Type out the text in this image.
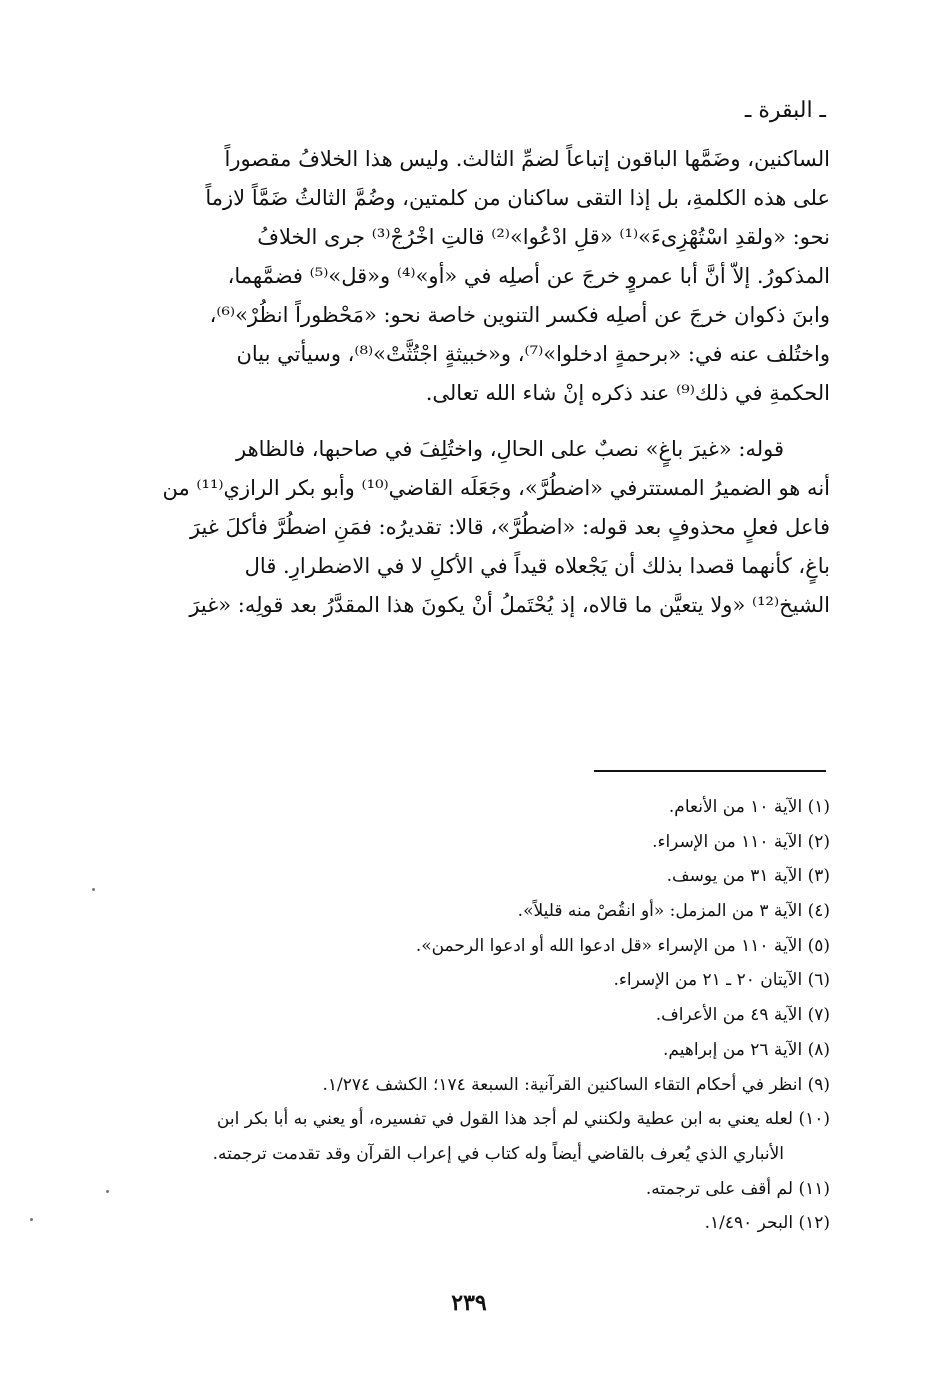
ـ البقرة ـ
الساكنين، وضَمَّها الباقون إتباعاً لضمِّ الثالث. وليس هذا الخلافُ مقصوراً
على هذه الكلمةِ، بل إذا التقى ساكنان من كلمتين، وضُمَّ الثالثُ ضَمَّاً لازماً
نحو: «ولقدِ اسْتُهْزِىءَ»⁽¹⁾ «قلِ ادْعُوا»⁽²⁾ قالتِ اخْرُجْ⁽³⁾ جرى الخلافُ
المذكورُ. إلاّ أنَّ أبا عمروٍ خرجَ عن أصلِه في «أو»⁽⁴⁾ و«قل»⁽⁵⁾ فضمَّهما،
وابنَ ذكوان خرجَ عن أصلِه فكسر التنوين خاصة نحو: «مَحْظوراً انظُرْ»⁽⁶⁾،
واختُلف عنه في: «برحمةٍ ادخلوا»⁽⁷⁾، و«خبيثةٍ اجْتُثَّتْ»⁽⁸⁾، وسيأتي بيان
الحكمةِ في ذلك⁽⁹⁾ عند ذكره إنْ شاء الله تعالى.
قوله: «غيرَ باغٍ» نصبٌ على الحالِ، واختُلِفَ في صاحبها، فالظاهر
أنه هو الضميرُ المستترفي «اضطُرَّ»، وجَعَلَه القاضي⁽¹⁰⁾ وأبو بكر الرازي⁽¹¹⁾ من
فاعل فعلٍ محذوفٍ بعد قوله: «اضطُرَّ»، قالا: تقديرُه: فمَنِ اضطُرَّ فأكلَ غيرَ
باغٍ، كأنهما قصدا بذلك أن يَجْعلاه قيداً في الأكلِ لا في الاضطرارِ. قال
الشيخ⁽¹²⁾ «ولا يتعيَّن ما قالاه، إذ يُحْتَملُ أنْ يكونَ هذا المقدَّرُ بعد قولِه: «غيرَ
(١) الآية ١٠ من الأنعام.
(٢) الآية ١١٠ من الإسراء.
(٣) الآية ٣١ من يوسف.
(٤) الآية ٣ من المزمل: «أو انقُصْ منه قليلاً».
(٥) الآية ١١٠ من الإسراء «قل ادعوا الله أو ادعوا الرحمن».
(٦) الآيتان ٢٠ ـ ٢١ من الإسراء.
(٧) الآية ٤٩ من الأعراف.
(٨) الآية ٢٦ من إبراهيم.
(٩) انظر في أحكام التقاء الساكنين القرآنية: السبعة ١٧٤؛ الكشف ١/٢٧٤.
(١٠) لعله يعني به ابن عطية ولكنني لم أجد هذا القول في تفسيره، أو يعني به أبا بكر ابن
الأنباري الذي يُعرف بالقاضي أيضاً وله كتاب في إعراب القرآن وقد تقدمت ترجمته.
(١١) لم أقف على ترجمته.
(١٢) البحر ١/٤٩٠.
٢٣٩
